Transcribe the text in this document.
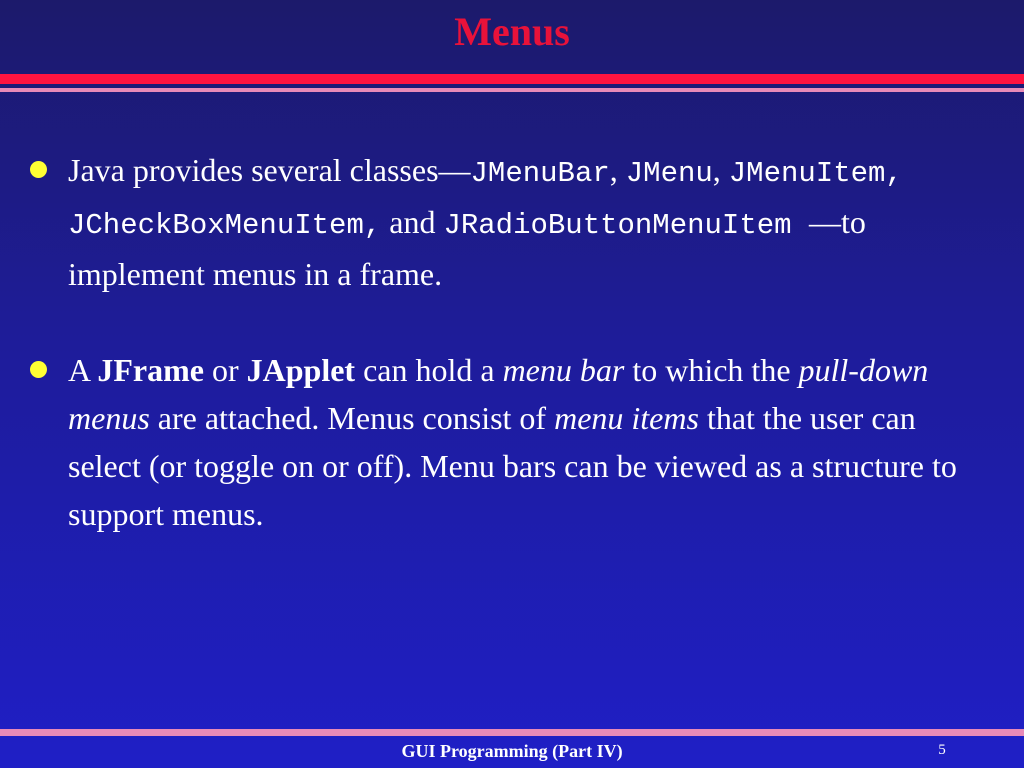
Menus
Java provides several classes—JMenuBar, JMenu, JMenuItem, JCheckBoxMenuItem, and JRadioButtonMenuItem —to implement menus in a frame.
A JFrame or JApplet can hold a menu bar to which the pull-down menus are attached. Menus consist of menu items that the user can select (or toggle on or off). Menu bars can be viewed as a structure to support menus.
GUI Programming (Part IV)	5
